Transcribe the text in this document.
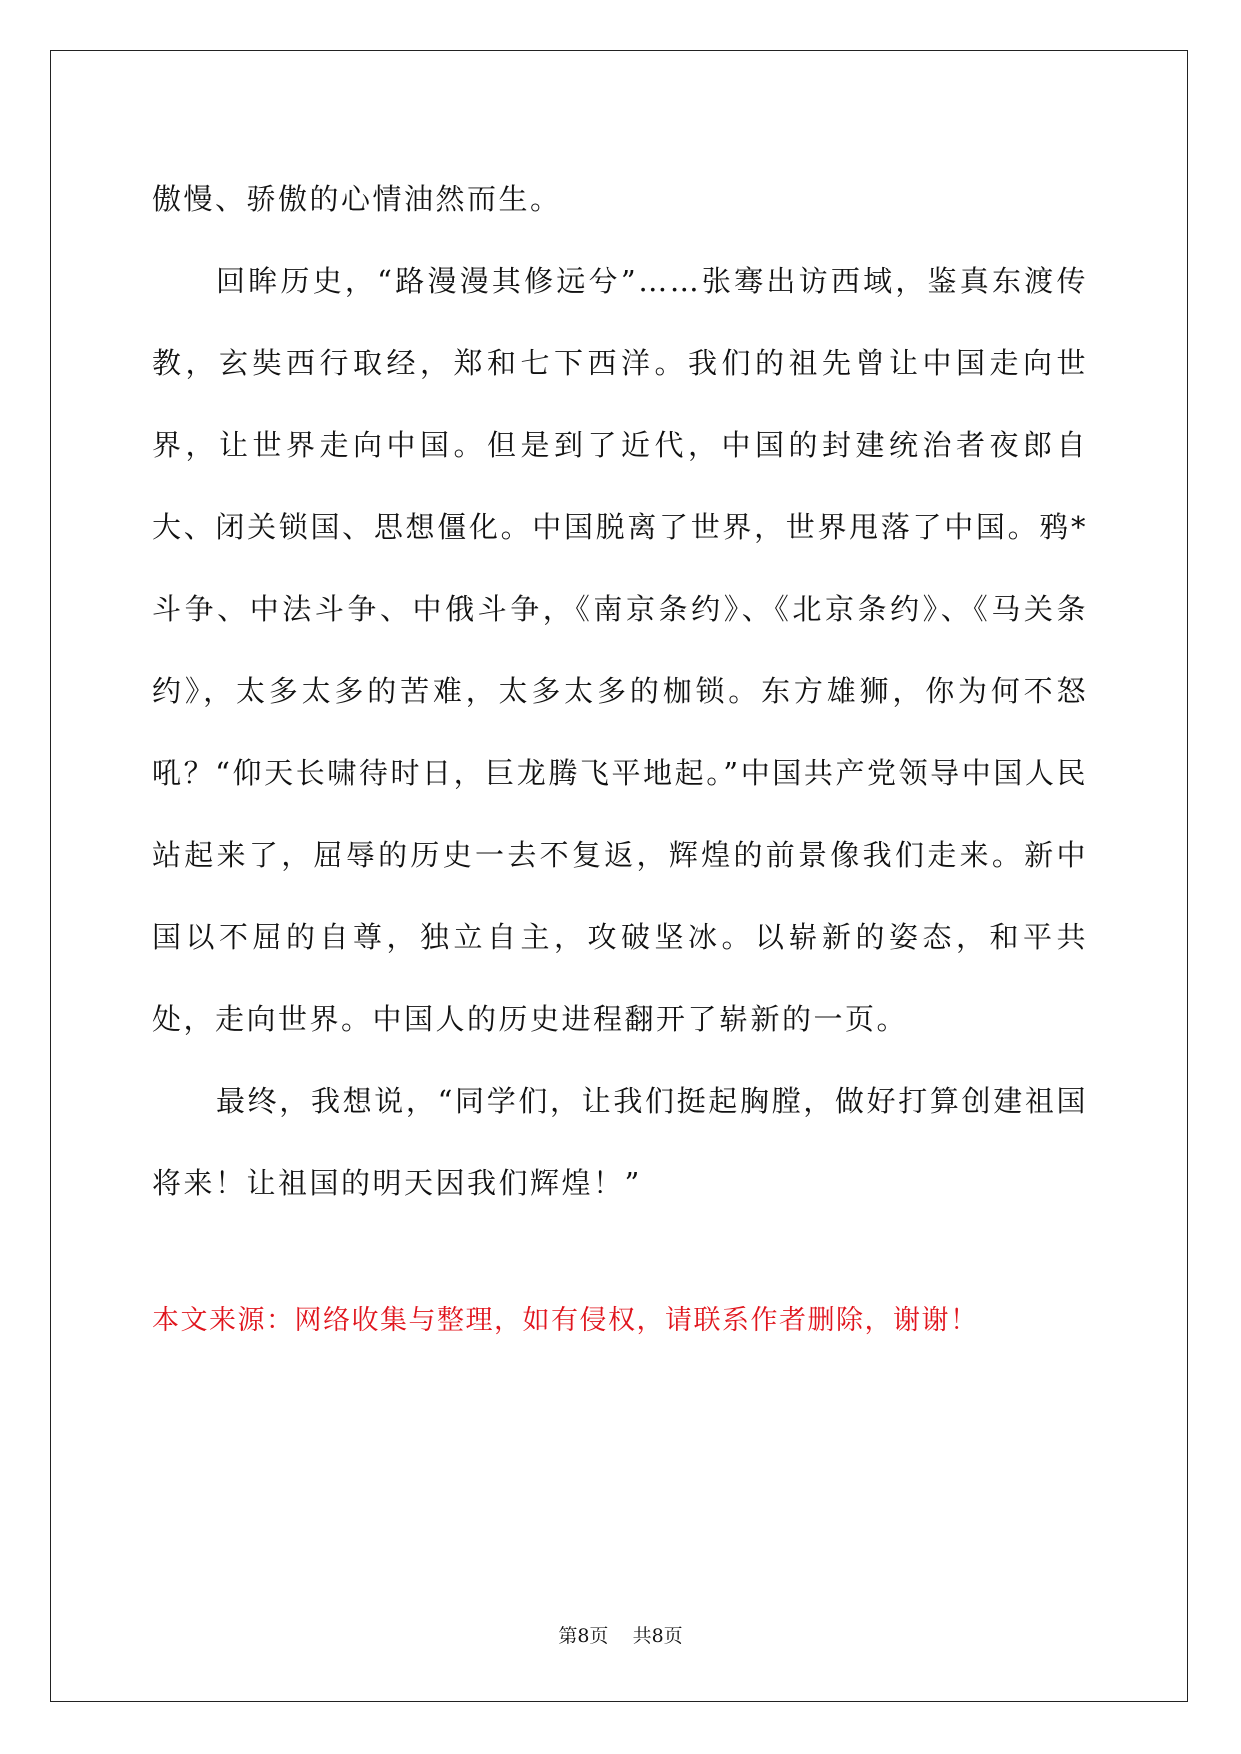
傲慢、骄傲的心情油然而生。

回眸历史，“路漫漫其修远兮”……张骞出访西域，鉴真东渡传教，玄奘西行取经，郑和七下西洋。我们的祖先曾让中国走向世界，让世界走向中国。但是到了近代，中国的封建统治者夜郎自大、闭关锁国、思想僵化。中国脱离了世界，世界甩落了中国。鸦*斗争、中法斗争、中俄斗争，《南京条约》、《北京条约》、《马关条约》，太多太多的苦难，太多太多的枷锁。东方雄狮，你为何不怒吼？“仰天长啸待时日，巨龙腾飞平地起。”中国共产党领导中国人民站起来了，屈辱的历史一去不复返，辉煌的前景像我们走来。新中国以不屈的自尊，独立自主，攻破坚冰。以崭新的姿态，和平共处，走向世界。中国人的历史进程翻开了崭新的一页。

最终，我想说，“同学们，让我们挺起胸膛，做好打算创建祖国将来！让祖国的明天因我们辉煌！”

本文来源：网络收集与整理，如有侵权，请联系作者删除，谢谢！
第8页 共8页
